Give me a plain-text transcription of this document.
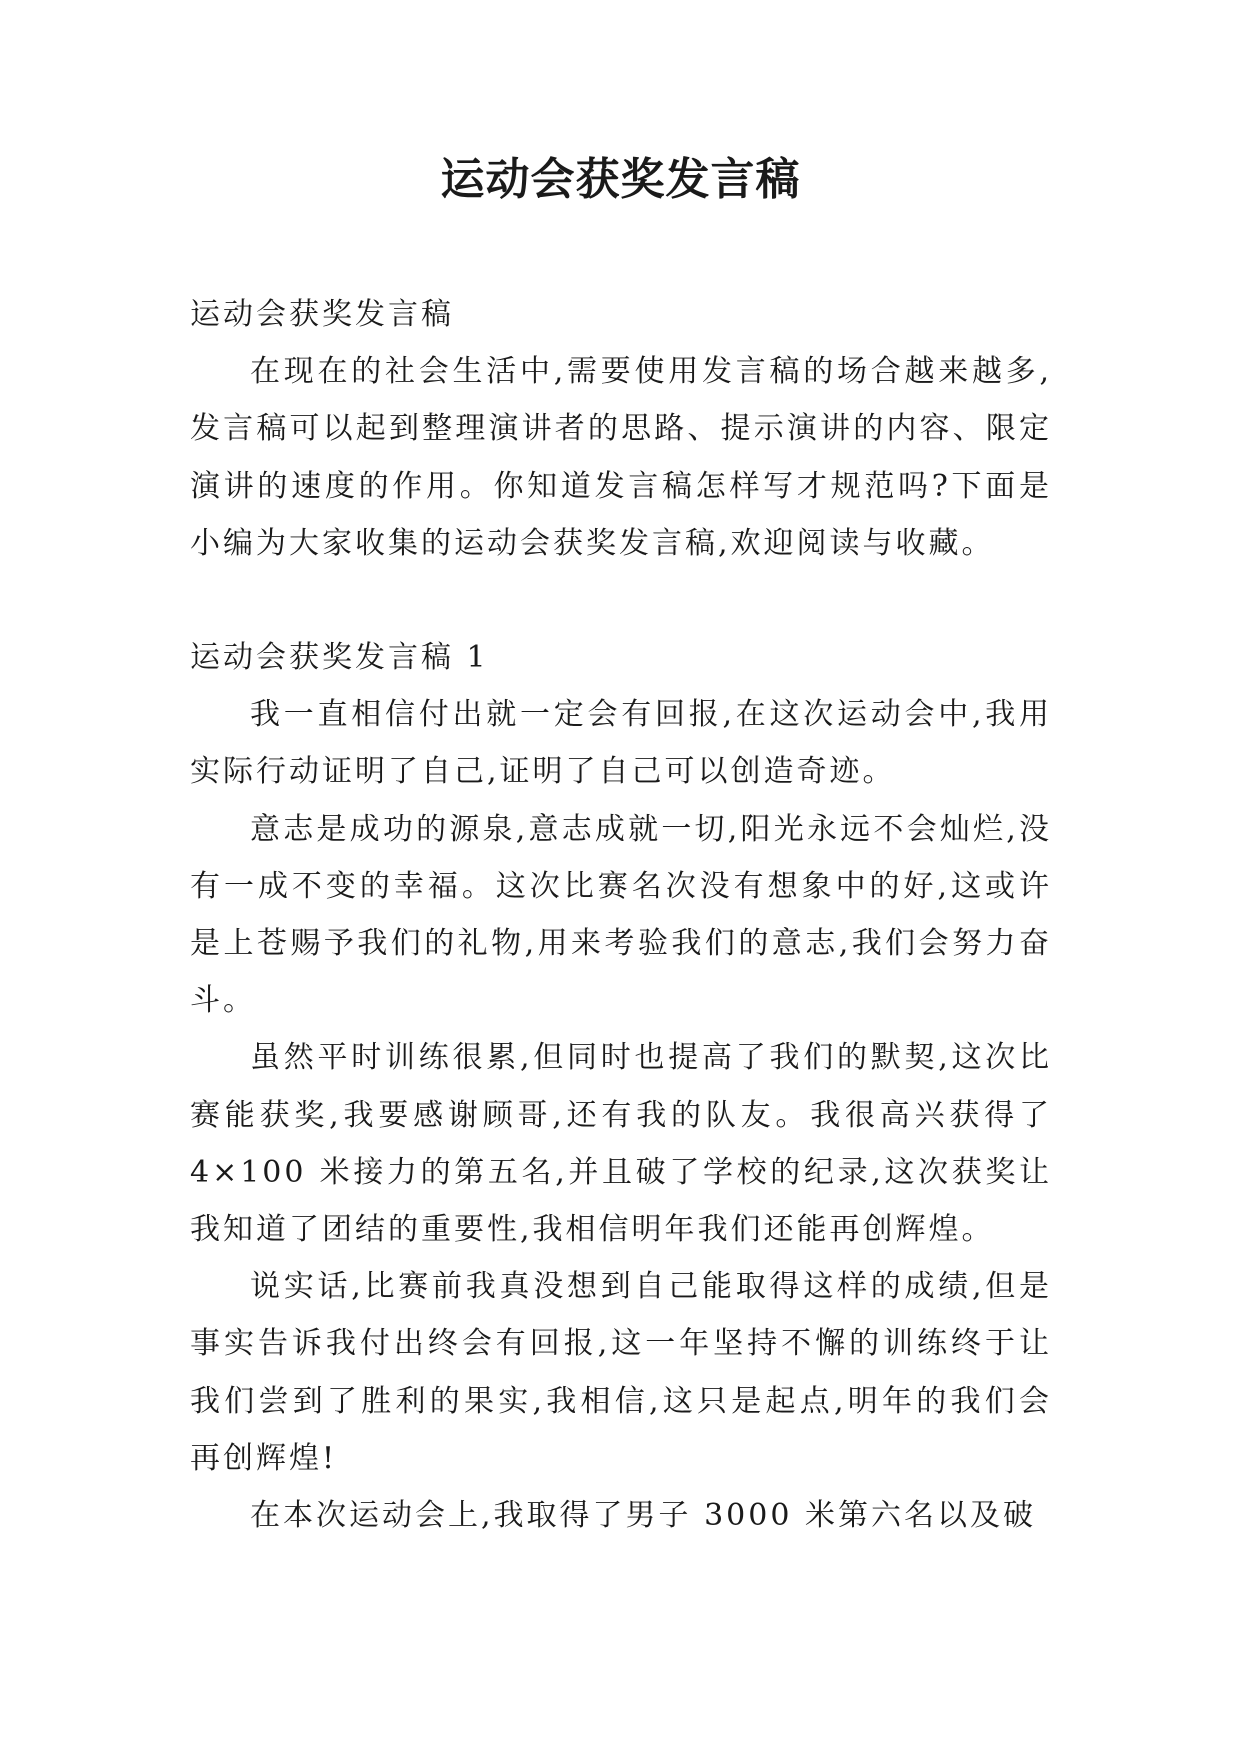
运动会获奖发言稿

运动会获奖发言稿

在现在的社会生活中,需要使用发言稿的场合越来越多,发言稿可以起到整理演讲者的思路、提示演讲的内容、限定演讲的速度的作用。你知道发言稿怎样写才规范吗?下面是小编为大家收集的运动会获奖发言稿,欢迎阅读与收藏。

运动会获奖发言稿 1

我一直相信付出就一定会有回报,在这次运动会中,我用实际行动证明了自己,证明了自己可以创造奇迹。

意志是成功的源泉,意志成就一切,阳光永远不会灿烂,没有一成不变的幸福。这次比赛名次没有想象中的好,这或许是上苍赐予我们的礼物,用来考验我们的意志,我们会努力奋斗。

虽然平时训练很累,但同时也提高了我们的默契,这次比赛能获奖,我要感谢顾哥,还有我的队友。我很高兴获得了 4×100 米接力的第五名,并且破了学校的纪录,这次获奖让我知道了团结的重要性,我相信明年我们还能再创辉煌。

说实话,比赛前我真没想到自己能取得这样的成绩,但是事实告诉我付出终会有回报,这一年坚持不懈的训练终于让我们尝到了胜利的果实,我相信,这只是起点,明年的我们会再创辉煌!

在本次运动会上,我取得了男子 3000 米第六名以及破
